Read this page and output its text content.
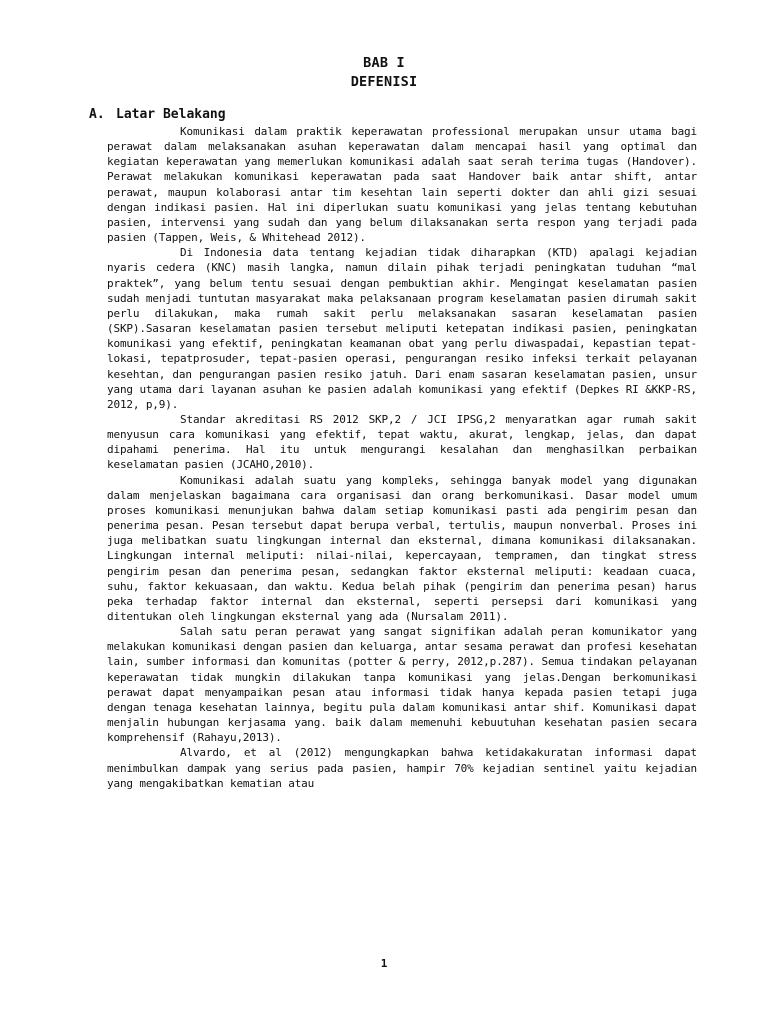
BAB I
DEFENISI
A. Latar Belakang

Komunikasi dalam praktik keperawatan professional merupakan unsur utama bagi perawat dalam melaksanakan asuhan keperawatan dalam mencapai hasil yang optimal dan kegiatan keperawatan yang memerlukan komunikasi adalah saat serah terima tugas (Handover). Perawat melakukan komunikasi keperawatan pada saat Handover baik antar shift, antar perawat, maupun kolaborasi antar tim kesehtan lain seperti dokter dan ahli gizi sesuai dengan indikasi pasien. Hal ini diperlukan suatu komunikasi yang jelas tentang kebutuhan pasien, intervensi yang sudah dan yang belum dilaksanakan serta respon yang terjadi pada pasien (Tappen, Weis, & Whitehead 2012).

Di Indonesia data tentang kejadian tidak diharapkan (KTD) apalagi kejadian nyaris cedera (KNC) masih langka, namun dilain pihak terjadi peningkatan tuduhan “mal praktek”, yang belum tentu sesuai dengan pembuktian akhir. Mengingat keselamatan pasien sudah menjadi tuntutan masyarakat maka pelaksanaan program keselamatan pasien dirumah sakit perlu dilakukan, maka rumah sakit perlu melaksanakan sasaran keselamatan pasien (SKP).Sasaran keselamatan pasien tersebut meliputi ketepatan indikasi pasien, peningkatan komunikasi yang efektif, peningkatan keamanan obat yang perlu diwaspadai, kepastian tepat-lokasi, tepatprosuder, tepat-pasien operasi, pengurangan resiko infeksi terkait pelayanan kesehtan, dan pengurangan pasien resiko jatuh. Dari enam sasaran keselamatan pasien, unsur yang utama dari layanan asuhan ke pasien adalah komunikasi yang efektif (Depkes RI &KKP-RS, 2012, p,9).

Standar akreditasi RS 2012 SKP,2 / JCI IPSG,2 menyaratkan agar rumah sakit menyusun cara komunikasi yang efektif, tepat waktu, akurat, lengkap, jelas, dan dapat dipahami penerima. Hal itu untuk mengurangi kesalahan dan menghasilkan perbaikan keselamatan pasien (JCAHO,2010).

Komunikasi adalah suatu yang kompleks, sehingga banyak model yang digunakan dalam menjelaskan bagaimana cara organisasi dan orang berkomunikasi. Dasar model umum proses komunikasi menunjukan bahwa dalam setiap komunikasi pasti ada pengirim pesan dan penerima pesan. Pesan tersebut dapat berupa verbal, tertulis, maupun nonverbal. Proses ini juga melibatkan suatu lingkungan internal dan eksternal, dimana komunikasi dilaksanakan. Lingkungan internal meliputi: nilai-nilai, kepercayaan, tempramen, dan tingkat stress pengirim pesan dan penerima pesan, sedangkan faktor eksternal meliputi: keadaan cuaca, suhu, faktor kekuasaan, dan waktu. Kedua belah pihak (pengirim dan penerima pesan) harus peka terhadap faktor internal dan eksternal, seperti persepsi dari komunikasi yang ditentukan oleh lingkungan eksternal yang ada (Nursalam 2011).

Salah satu peran perawat yang sangat signifikan adalah peran komunikator yang melakukan komunikasi dengan pasien dan keluarga, antar sesama perawat dan profesi kesehatan lain, sumber informasi dan komunitas (potter & perry, 2012,p.287). Semua tindakan pelayanan keperawatan tidak mungkin dilakukan tanpa komunikasi yang jelas.Dengan berkomunikasi perawat dapat menyampaikan pesan atau informasi tidak hanya kepada pasien tetapi juga dengan tenaga kesehatan lainnya, begitu pula dalam komunikasi antar shif. Komunikasi dapat menjalin hubungan kerjasama yang. baik dalam memenuhi kebuutuhan kesehatan pasien secara komprehensif (Rahayu,2013).

Alvardo, et al (2012) mengungkapkan bahwa ketidakakuratan informasi dapat menimbulkan dampak yang serius pada pasien, hampir 70% kejadian sentinel yaitu kejadian yang mengakibatkan kematian atau

1
